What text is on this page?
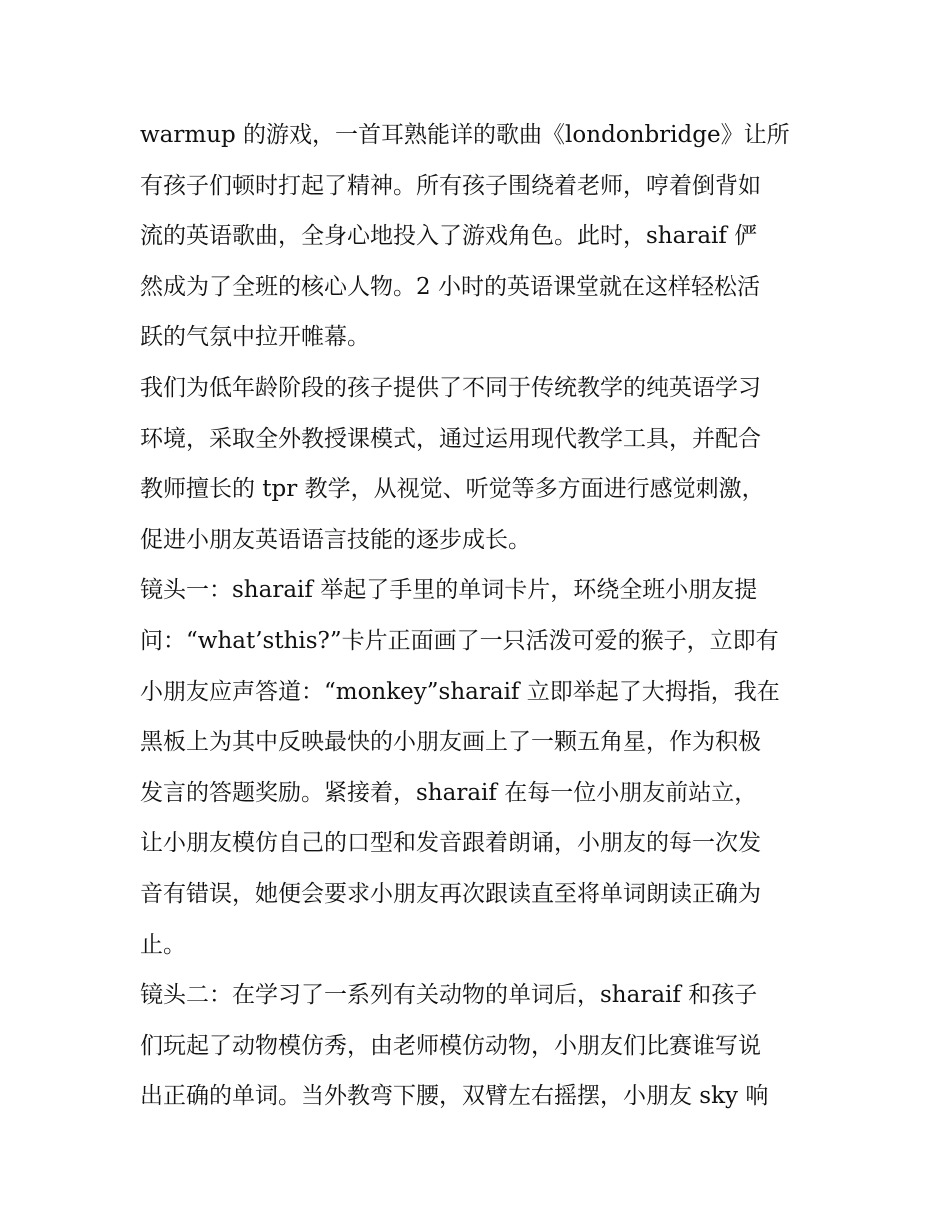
warmup 的游戏，一首耳熟能详的歌曲《londonbridge》让所
有孩子们顿时打起了精神。所有孩子围绕着老师，哼着倒背如
流的英语歌曲，全身心地投入了游戏角色。此时，sharaif 俨
然成为了全班的核心人物。2 小时的英语课堂就在这样轻松活
跃的气氛中拉开帷幕。

我们为低年龄阶段的孩子提供了不同于传统教学的纯英语学习
环境，采取全外教授课模式，通过运用现代教学工具，并配合
教师擅长的 tpr 教学，从视觉、听觉等多方面进行感觉刺激，
促进小朋友英语语言技能的逐步成长。

镜头一：sharaif 举起了手里的单词卡片，环绕全班小朋友提
问：“what’sthis?”卡片正面画了一只活泼可爱的猴子，立即有
小朋友应声答道：“monkey”sharaif 立即举起了大拇指，我在
黑板上为其中反映最快的小朋友画上了一颗五角星，作为积极
发言的答题奖励。紧接着，sharaif 在每一位小朋友前站立，
让小朋友模仿自己的口型和发音跟着朗诵，小朋友的每一次发
音有错误，她便会要求小朋友再次跟读直至将单词朗读正确为
止。

镜头二：在学习了一系列有关动物的单词后，sharaif 和孩子
们玩起了动物模仿秀，由老师模仿动物，小朋友们比赛谁写说
出正确的单词。当外教弯下腰，双臂左右摇摆，小朋友 sky 响
